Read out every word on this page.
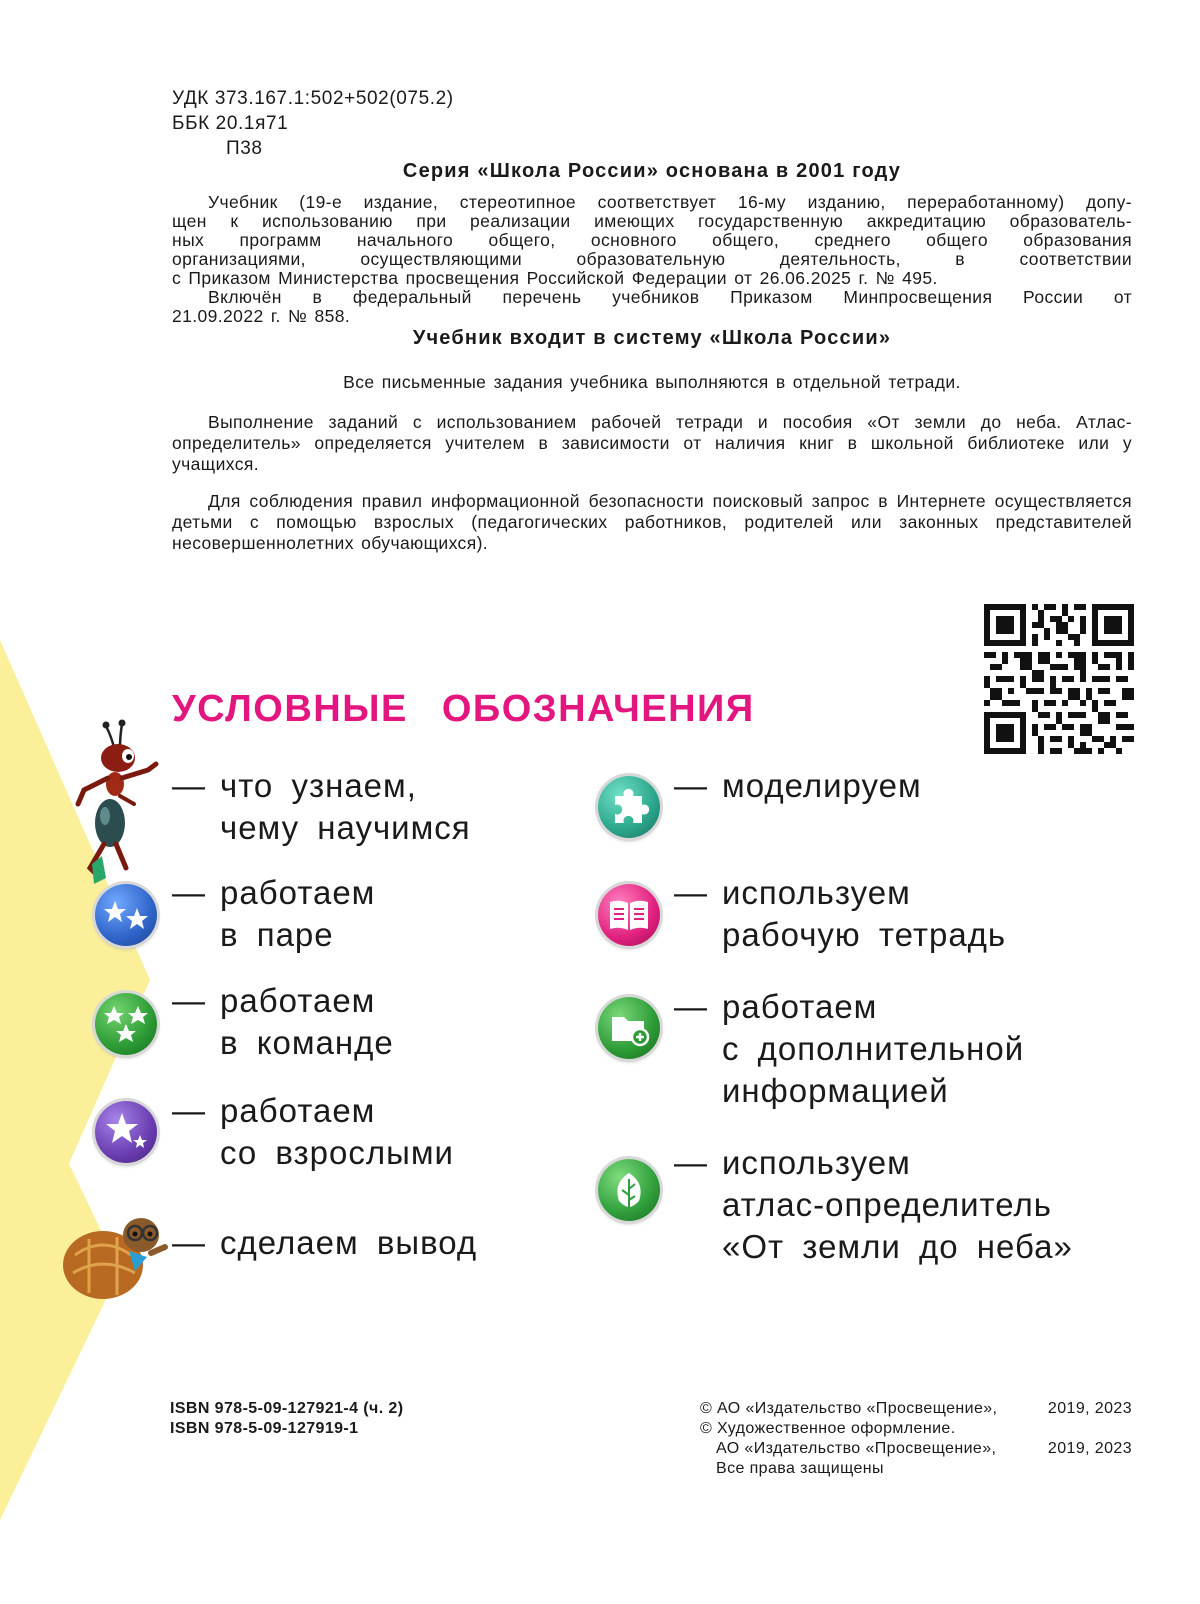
УДК 373.167.1:502+502(075.2)
ББК 20.1я71
П38
Серия «Школа России» основана в 2001 году
Учебник (19-е издание, стереотипное соответствует 16-му изданию, переработанному) допу-
щен к использованию при реализации имеющих государственную аккредитацию образователь-
ных программ начального общего, основного общего, среднего общего образования
организациями, осуществляющими образовательную деятельность, в соответствии
с Приказом Министерства просвещения Российской Федерации от 26.06.2025 г. № 495.
Включён в федеральный перечень учебников Приказом Минпросвещения России от
21.09.2022 г. № 858.
Учебник входит в систему «Школа России»
Все письменные задания учебника выполняются в отдельной тетради.

Выполнение заданий с использованием рабочей тетради и пособия «От земли до неба. Атлас-определитель» определяется учителем в зависимости от наличия книг в школьной библиотеке или у учащихся.

Для соблюдения правил информационной безопасности поисковый запрос в Интернете осуществляется детьми с помощью взрослых (педагогических работников, родителей или законных представителей несовершеннолетних обучающихся).

УСЛОВНЫЕ ОБОЗНАЧЕНИЯ
— что узнаем,
чему научимся
— работаем
в паре
— работаем
в команде
— работаем
со взрослыми
— сделаем вывод
— моделируем
— используем
рабочую тетрадь
— работаем
с дополнительной
информацией
— используем
атлас-определитель
«От земли до неба»
ISBN 978-5-09-127921-4 (ч. 2)
ISBN 978-5-09-127919-1
© АО «Издательство «Просвещение»,	2019, 2023
© Художественное оформление.
АО «Издательство «Просвещение»,	2019, 2023
Все права защищены
